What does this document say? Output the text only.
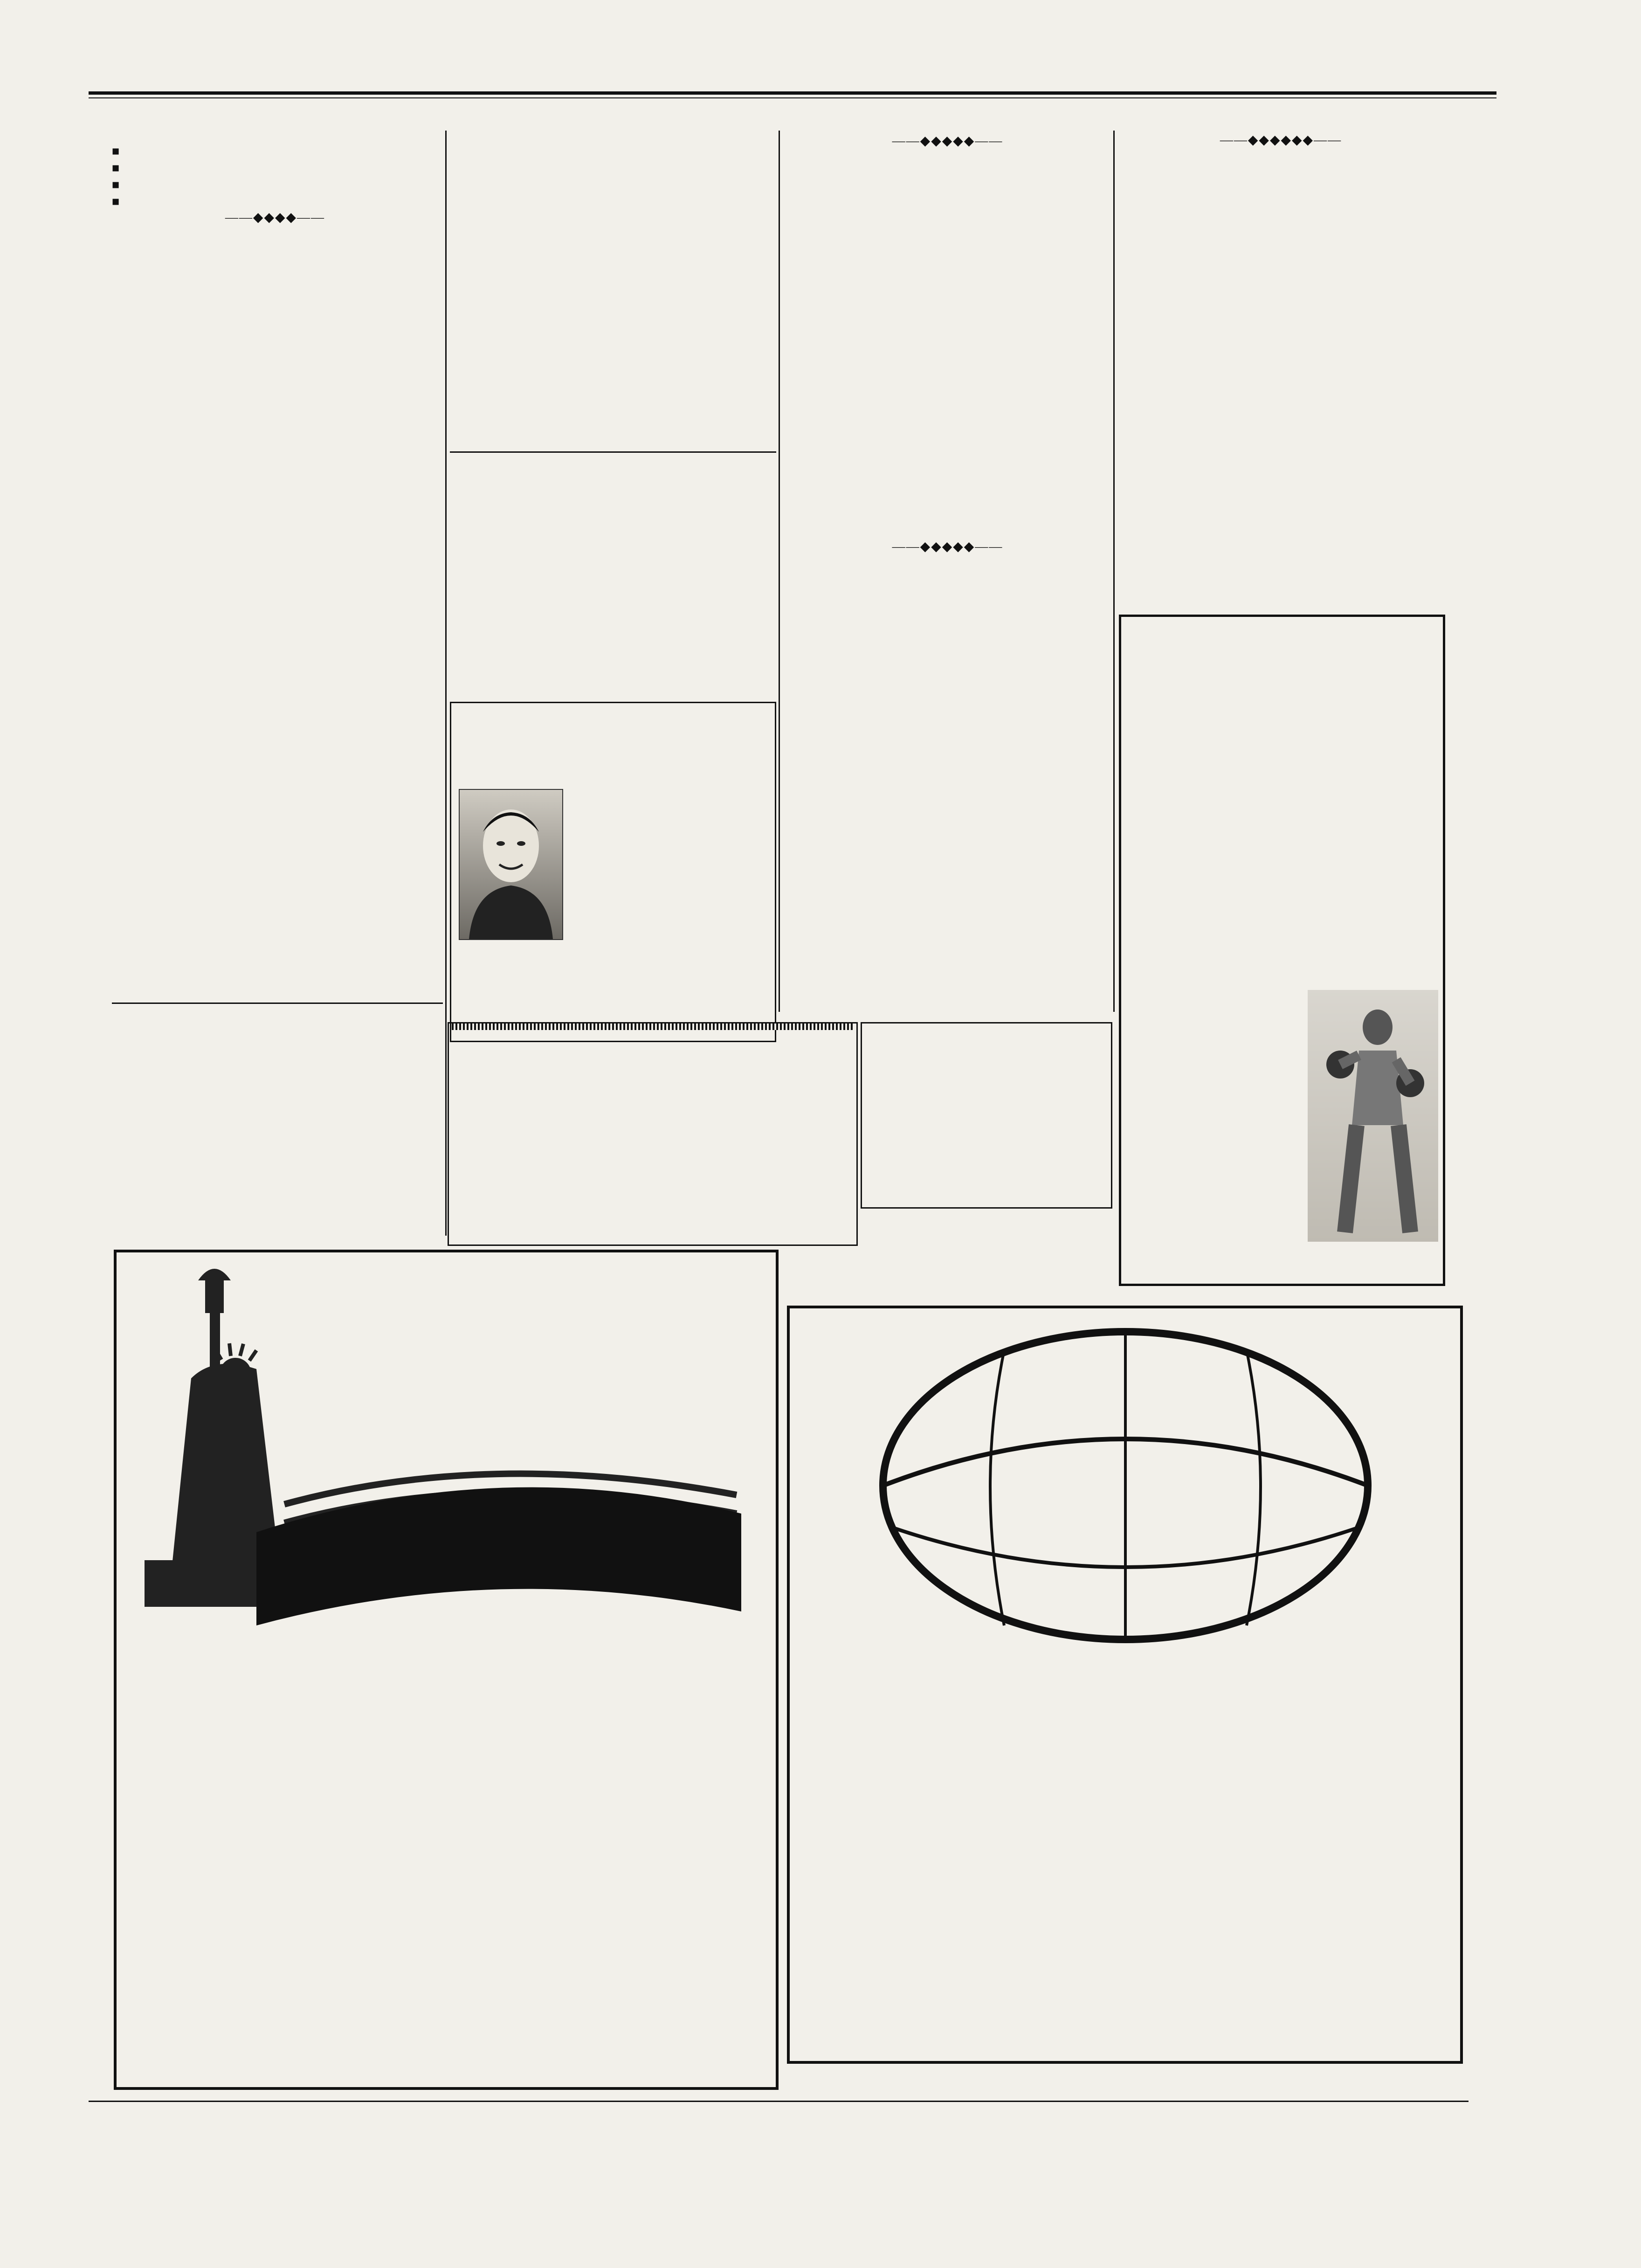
■

■

■

■

——◆◆◆◆——

——◆◆◆◆◆——

——◆◆◆◆◆——

——◆◆◆◆◆◆——
